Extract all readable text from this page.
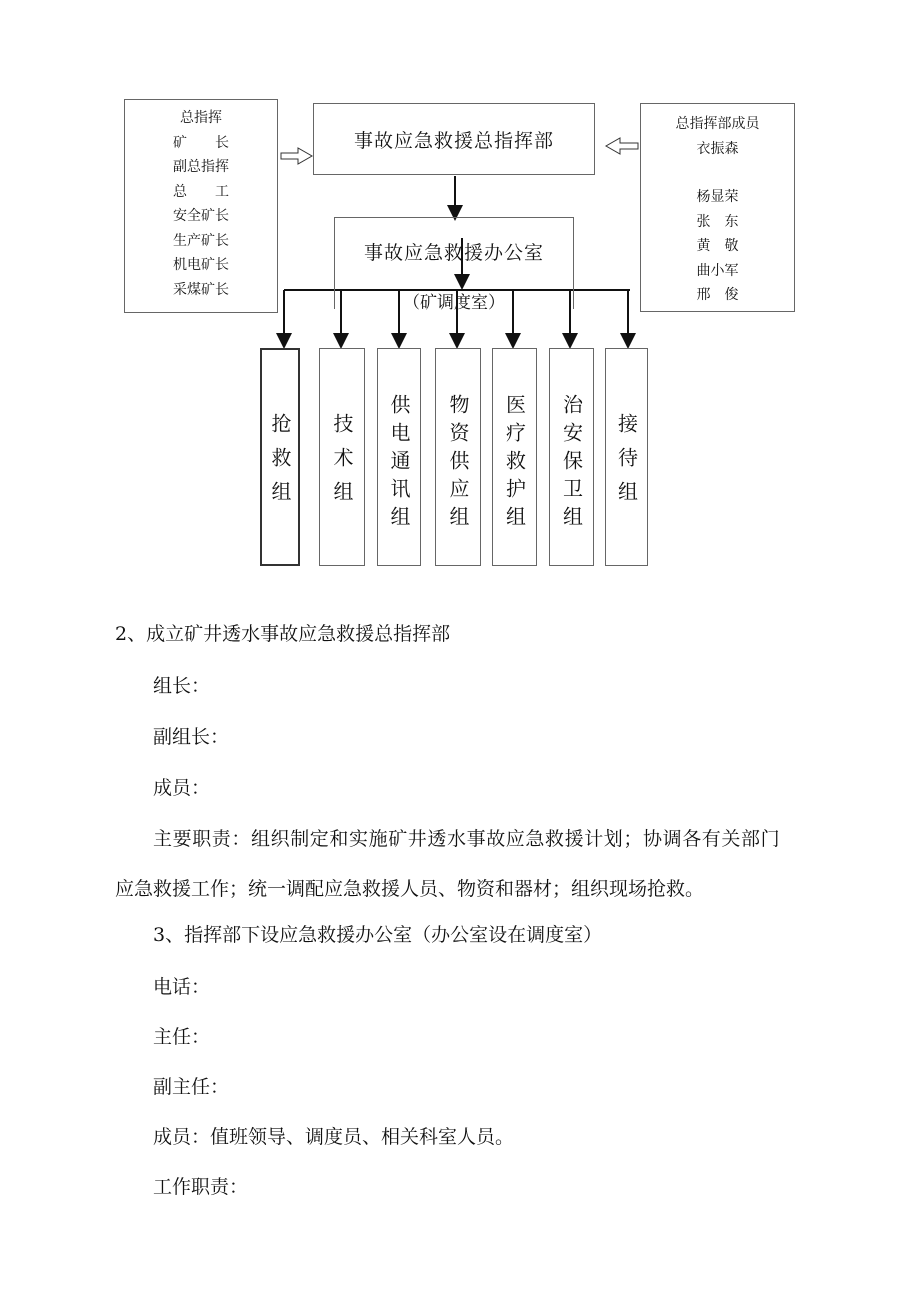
总指挥
矿　　长
副总指挥
总　　工
安全矿长
生产矿长
机电矿长
采煤矿长
事故应急救援总指挥部
总指挥部成员
衣振森
杨显荣
张　东
黄　敬
曲小军
邢　俊
事故应急救援办公室
（矿调度室）
抢救组 技术组 供电通讯组 物资供应组 医疗救护组 治安保卫组 接待组
2、成立矿井透水事故应急救援总指挥部
组长：
副组长：
成员：
主要职责：组织制定和实施矿井透水事故应急救援计划；协调各有关部门
应急救援工作；统一调配应急救援人员、物资和器材；组织现场抢救。
3、指挥部下设应急救援办公室（办公室设在调度室）
电话：
主任：
副主任：
成员：值班领导、调度员、相关科室人员。
工作职责：
